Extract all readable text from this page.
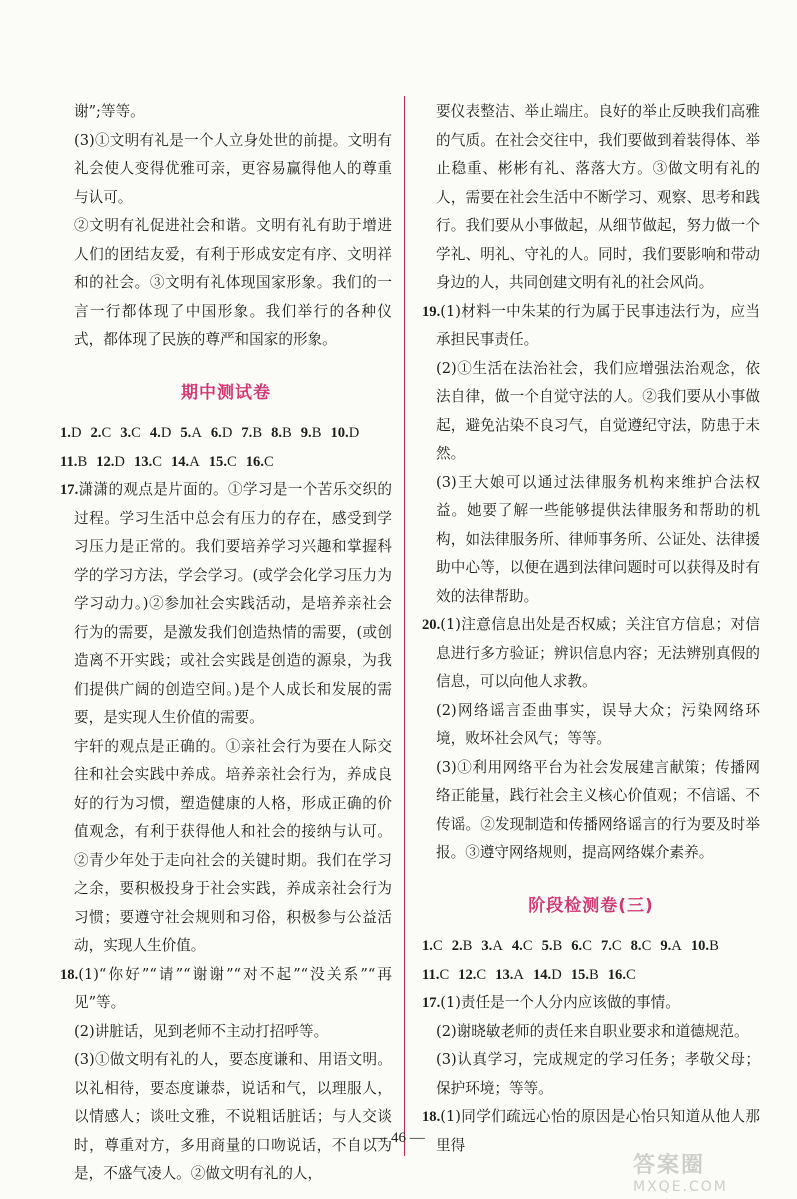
谢”;等等。

(3)①文明有礼是一个人立身处世的前提。文明有礼会使人变得优雅可亲，更容易赢得他人的尊重与认可。

②文明有礼促进社会和谐。文明有礼有助于增进人们的团结友爱，有利于形成安定有序、文明祥和的社会。③文明有礼体现国家形象。我们的一言一行都体现了中国形象。我们举行的各种仪式，都体现了民族的尊严和国家的形象。

期中测试卷

1.D 2.C 3.C 4.D 5.A 6.D 7.B 8.B 9.B 10.D

11.B 12.D 13.C 14.A 15.C 16.C

17.潇潇的观点是片面的。①学习是一个苦乐交织的过程。学习生活中总会有压力的存在，感受到学习压力是正常的。我们要培养学习兴趣和掌握科学的学习方法，学会学习。(或学会化学习压力为学习动力。)②参加社会实践活动，是培养亲社会行为的需要，是激发我们创造热情的需要，(或创造离不开实践；或社会实践是创造的源泉，为我们提供广阔的创造空间。)是个人成长和发展的需要，是实现人生价值的需要。

宇轩的观点是正确的。①亲社会行为要在人际交往和社会实践中养成。培养亲社会行为，养成良好的行为习惯，塑造健康的人格，形成正确的价值观念，有利于获得他人和社会的接纳与认可。②青少年处于走向社会的关键时期。我们在学习之余，要积极投身于社会实践，养成亲社会行为习惯；要遵守社会规则和习俗，积极参与公益活动，实现人生价值。

18.(1)“你好”“请”“谢谢”“对不起”“没关系”“再见”等。

(2)讲脏话，见到老师不主动打招呼等。

(3)①做文明有礼的人，要态度谦和、用语文明。以礼相待，要态度谦恭，说话和气，以理服人，以情感人；谈吐文雅，不说粗话脏话；与人交谈时，尊重对方，多用商量的口吻说话，不自以为是，不盛气凌人。②做文明有礼的人，

要仪表整洁、举止端庄。良好的举止反映我们高雅的气质。在社会交往中，我们要做到着装得体、举止稳重、彬彬有礼、落落大方。③做文明有礼的人，需要在社会生活中不断学习、观察、思考和践行。我们要从小事做起，从细节做起，努力做一个学礼、明礼、守礼的人。同时，我们要影响和带动身边的人，共同创建文明有礼的社会风尚。

19.(1)材料一中朱某的行为属于民事违法行为，应当承担民事责任。

(2)①生活在法治社会，我们应增强法治观念，依法自律，做一个自觉守法的人。②我们要从小事做起，避免沾染不良习气，自觉遵纪守法，防患于未然。

(3)王大娘可以通过法律服务机构来维护合法权益。她要了解一些能够提供法律服务和帮助的机构，如法律服务所、律师事务所、公证处、法律援助中心等，以便在遇到法律问题时可以获得及时有效的法律帮助。

20.(1)注意信息出处是否权威；关注官方信息；对信息进行多方验证；辨识信息内容；无法辨别真假的信息，可以向他人求教。

(2)网络谣言歪曲事实，误导大众；污染网络环境，败坏社会风气；等等。

(3)①利用网络平台为社会发展建言献策；传播网络正能量，践行社会主义核心价值观；不信谣、不传谣。②发现制造和传播网络谣言的行为要及时举报。③遵守网络规则，提高网络媒介素养。

阶段检测卷(三)

1.C 2.B 3.A 4.C 5.B 6.C 7.C 8.C 9.A 10.B

11.C 12.C 13.A 14.D 15.B 16.C

17.(1)责任是一个人分内应该做的事情。

(2)谢晓敏老师的责任来自职业要求和道德规范。

(3)认真学习，完成规定的学习任务；孝敬父母；保护环境；等等。

18.(1)同学们疏远心怡的原因是心怡只知道从他人那里得

— 46 —
答案圈
MXQE.COM
